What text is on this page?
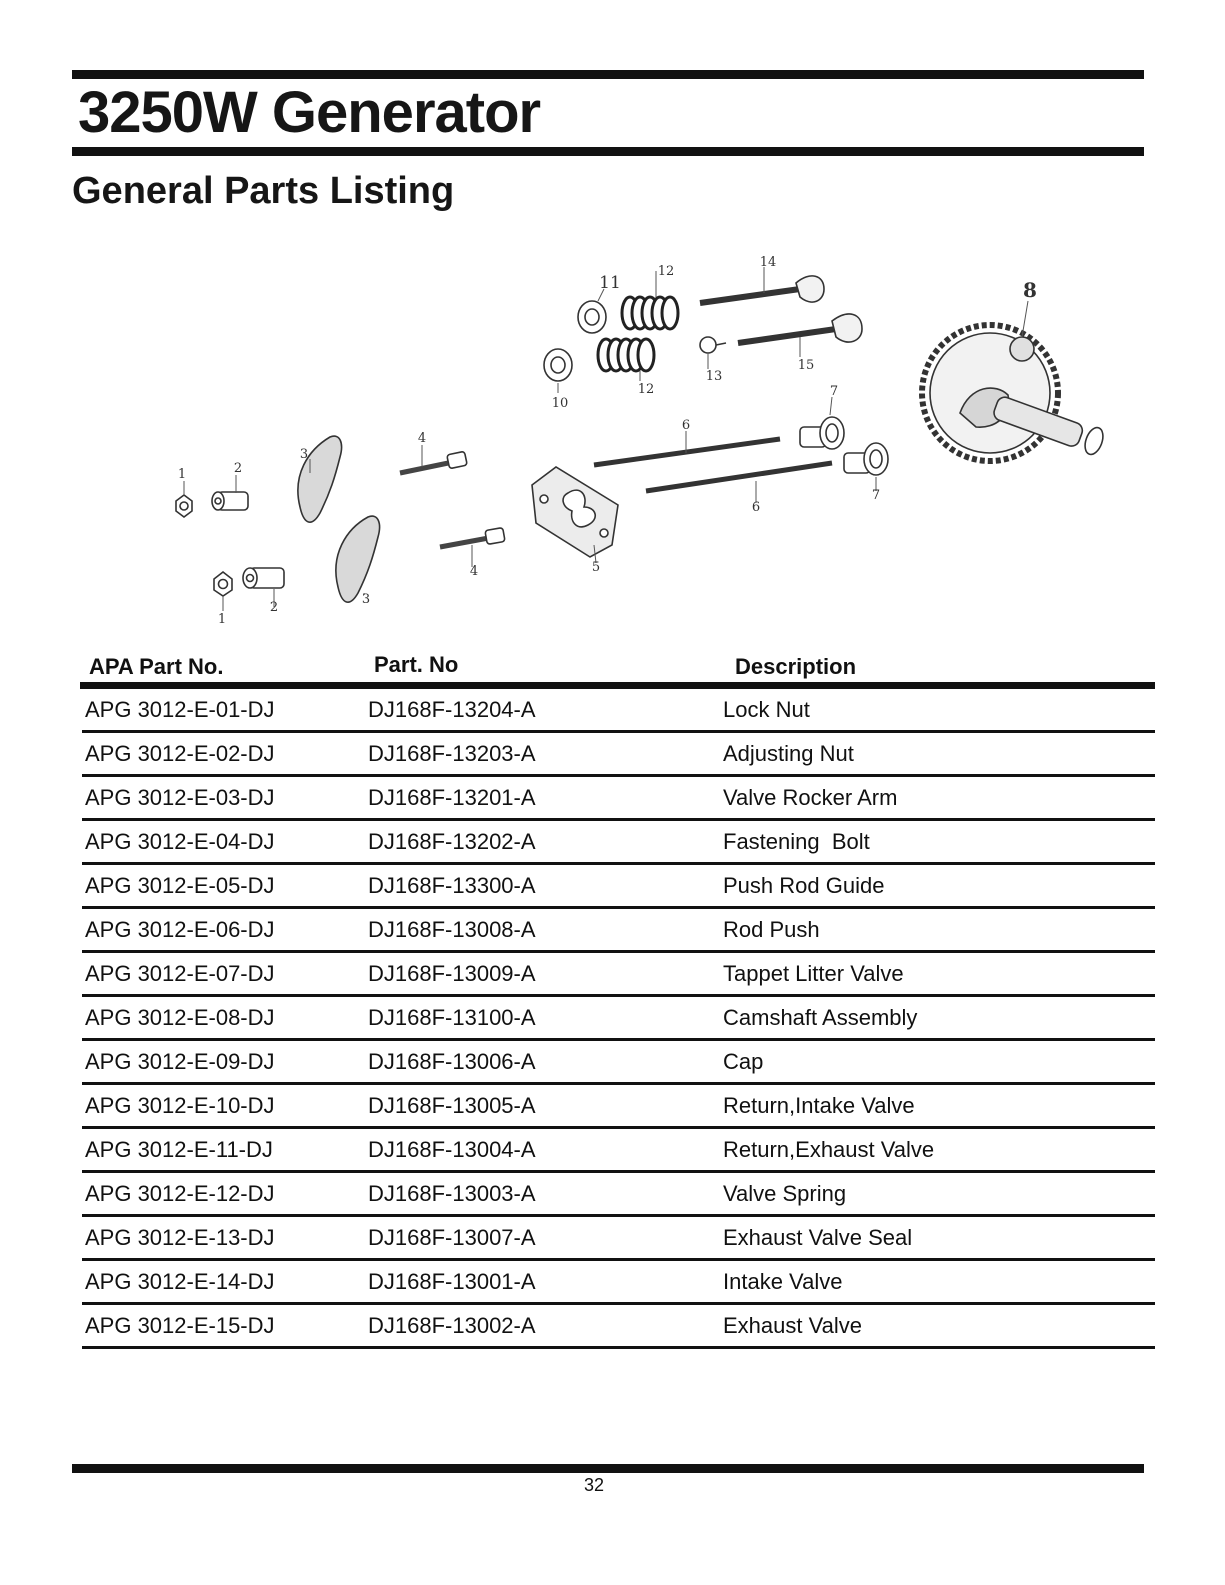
3250W Generator
General Parts Listing
1	2
1
2
3
3
4
4	5
6
6
7
7
8
10
11
12
12
13
14
15
APA Part No.	Part. No	Description
APG 3012-E-01-DJ	DJ168F-13204-A	Lock Nut
APG 3012-E-02-DJ	DJ168F-13203-A	Adjusting Nut
APG 3012-E-03-DJ	DJ168F-13201-A	Valve Rocker Arm
APG 3012-E-04-DJ	DJ168F-13202-A	Fastening  Bolt
APG 3012-E-05-DJ	DJ168F-13300-A	Push Rod Guide
APG 3012-E-06-DJ	DJ168F-13008-A	Rod Push
APG 3012-E-07-DJ	DJ168F-13009-A	Tappet Litter Valve
APG 3012-E-08-DJ	DJ168F-13100-A	Camshaft Assembly
APG 3012-E-09-DJ	DJ168F-13006-A	Cap
APG 3012-E-10-DJ	DJ168F-13005-A	Return,Intake Valve
APG 3012-E-11-DJ	DJ168F-13004-A	Return,Exhaust Valve
APG 3012-E-12-DJ	DJ168F-13003-A	Valve Spring
APG 3012-E-13-DJ	DJ168F-13007-A	Exhaust Valve Seal
APG 3012-E-14-DJ	DJ168F-13001-A	Intake Valve
APG 3012-E-15-DJ	DJ168F-13002-A	Exhaust Valve
32
